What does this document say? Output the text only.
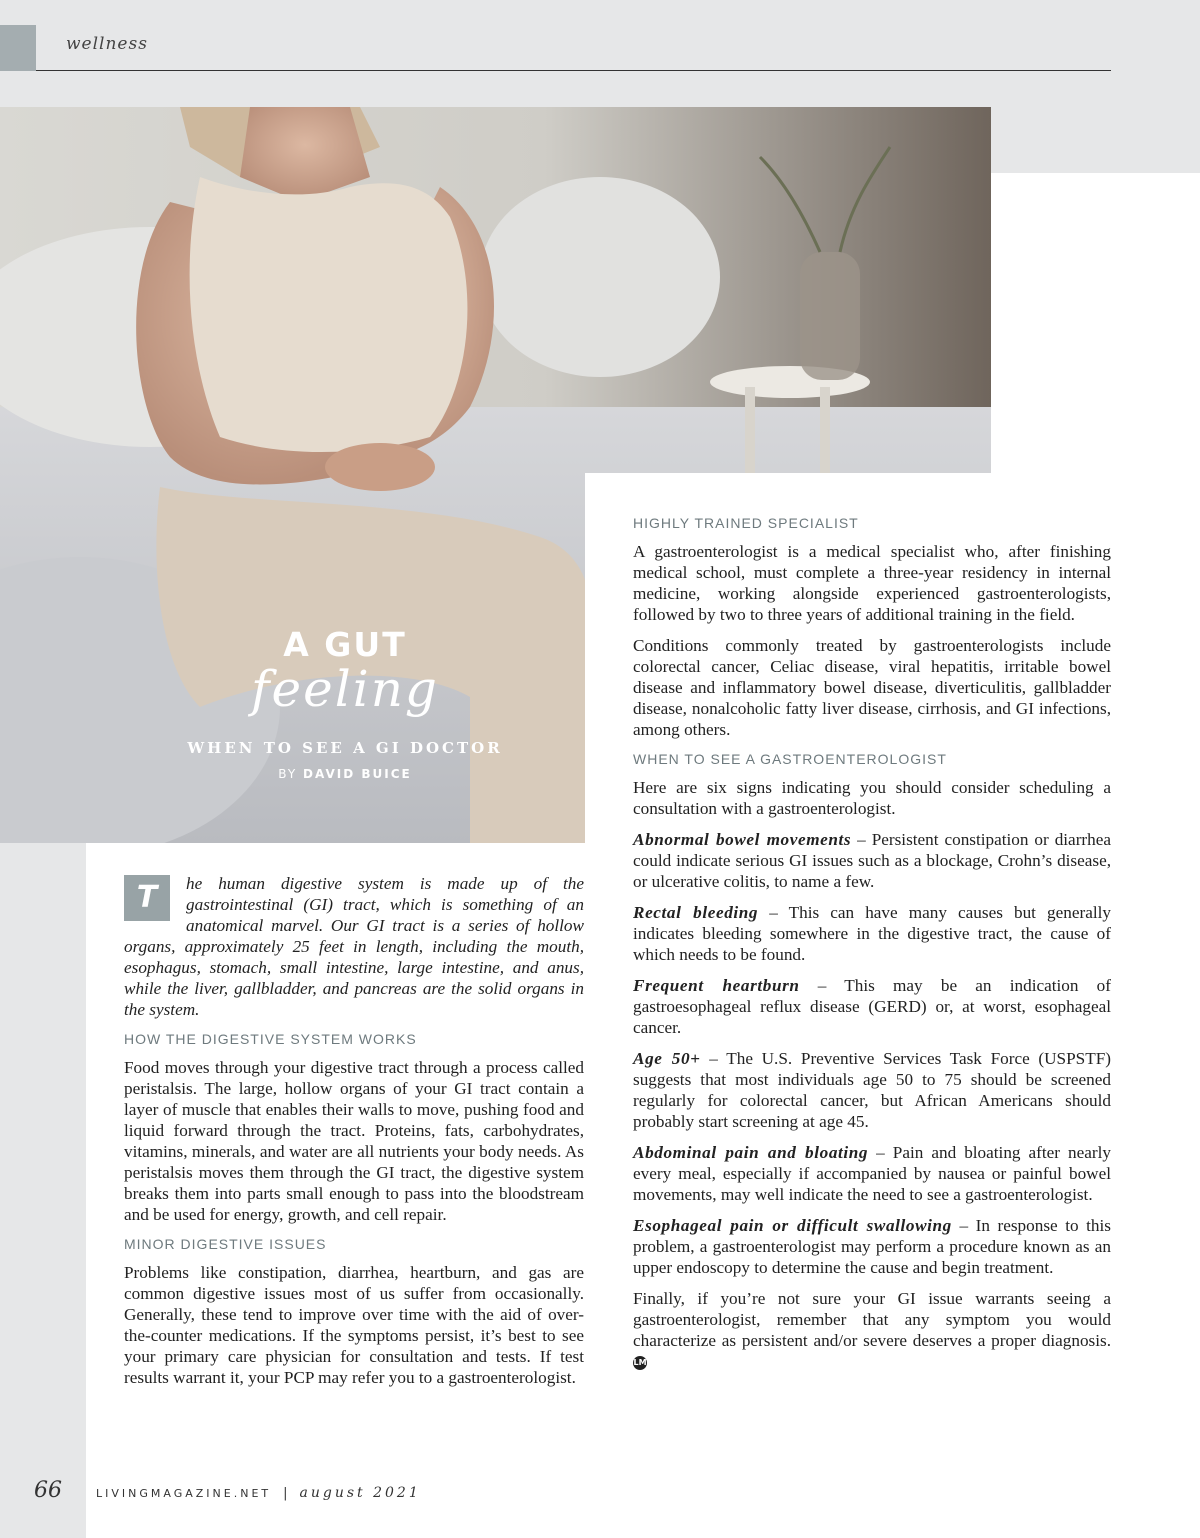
wellness
A GUT
feeling
WHEN TO SEE A GI DOCTOR
BY DAVID BUICE

T	he human digestive system is made up of the gastrointestinal (GI) tract, which is something of an anatomical marvel. Our GI tract is a series of hollow organs, approximately 25 feet in length, including the mouth, esophagus, stomach, small intestine, large intestine, and anus, while the liver, gallbladder, and pancreas are the solid organs in the system.

HOW THE DIGESTIVE SYSTEM WORKS

Food moves through your digestive tract through a process called peristalsis. The large, hollow organs of your GI tract contain a layer of muscle that enables their walls to move, pushing food and liquid forward through the tract. Proteins, fats, carbohydrates, vitamins, minerals, and water are all nutrients your body needs. As peristalsis moves them through the GI tract, the digestive system breaks them into parts small enough to pass into the bloodstream and be used for energy, growth, and cell repair.

MINOR DIGESTIVE ISSUES

Problems like constipation, diarrhea, heartburn, and gas are common digestive issues most of us suffer from occasionally. Generally, these tend to improve over time with the aid of over-the-counter medications. If the symptoms persist, it’s best to see your primary care physician for consultation and tests. If test results warrant it, your PCP may refer you to a gastroenterologist.

HIGHLY TRAINED SPECIALIST

A gastroenterologist is a medical specialist who, after finishing medical school, must complete a three-year residency in internal medicine, working alongside experienced gastroenterologists, followed by two to three years of additional training in the field.

Conditions commonly treated by gastroenterologists include colorectal cancer, Celiac disease, viral hepatitis, irritable bowel disease and inflammatory bowel disease, diverticulitis, gallbladder disease, nonalcoholic fatty liver disease, cirrhosis, and GI infections, among others.

WHEN TO SEE A GASTROENTEROLOGIST

Here are six signs indicating you should consider scheduling a consultation with a gastroenterologist.

Abnormal bowel movements – Persistent constipation or diarrhea could indicate serious GI issues such as a blockage, Crohn’s disease, or ulcerative colitis, to name a few.

Rectal bleeding – This can have many causes but generally indicates bleeding somewhere in the digestive tract, the cause of which needs to be found.

Frequent heartburn – This may be an indication of gastroesophageal reflux disease (GERD) or, at worst, esophageal cancer.

Age 50+ – The U.S. Preventive Services Task Force (USPSTF) suggests that most individuals age 50 to 75 should be screened regularly for colorectal cancer, but African Americans should probably start screening at age 45.

Abdominal pain and bloating – Pain and bloating after nearly every meal, especially if accompanied by nausea or painful bowel movements, may well indicate the need to see a gastroenterologist.

Esophageal pain or difficult swallowing – In response to this problem, a gastroenterologist may perform a procedure known as an upper endoscopy to determine the cause and begin treatment.

Finally, if you’re not sure your GI issue warrants seeing a gastroenterologist, remember that any symptom you would characterize as persistent and/or severe deserves a proper diagnosis. LM

66	LIVINGMAGAZINE.NET | august 2021
